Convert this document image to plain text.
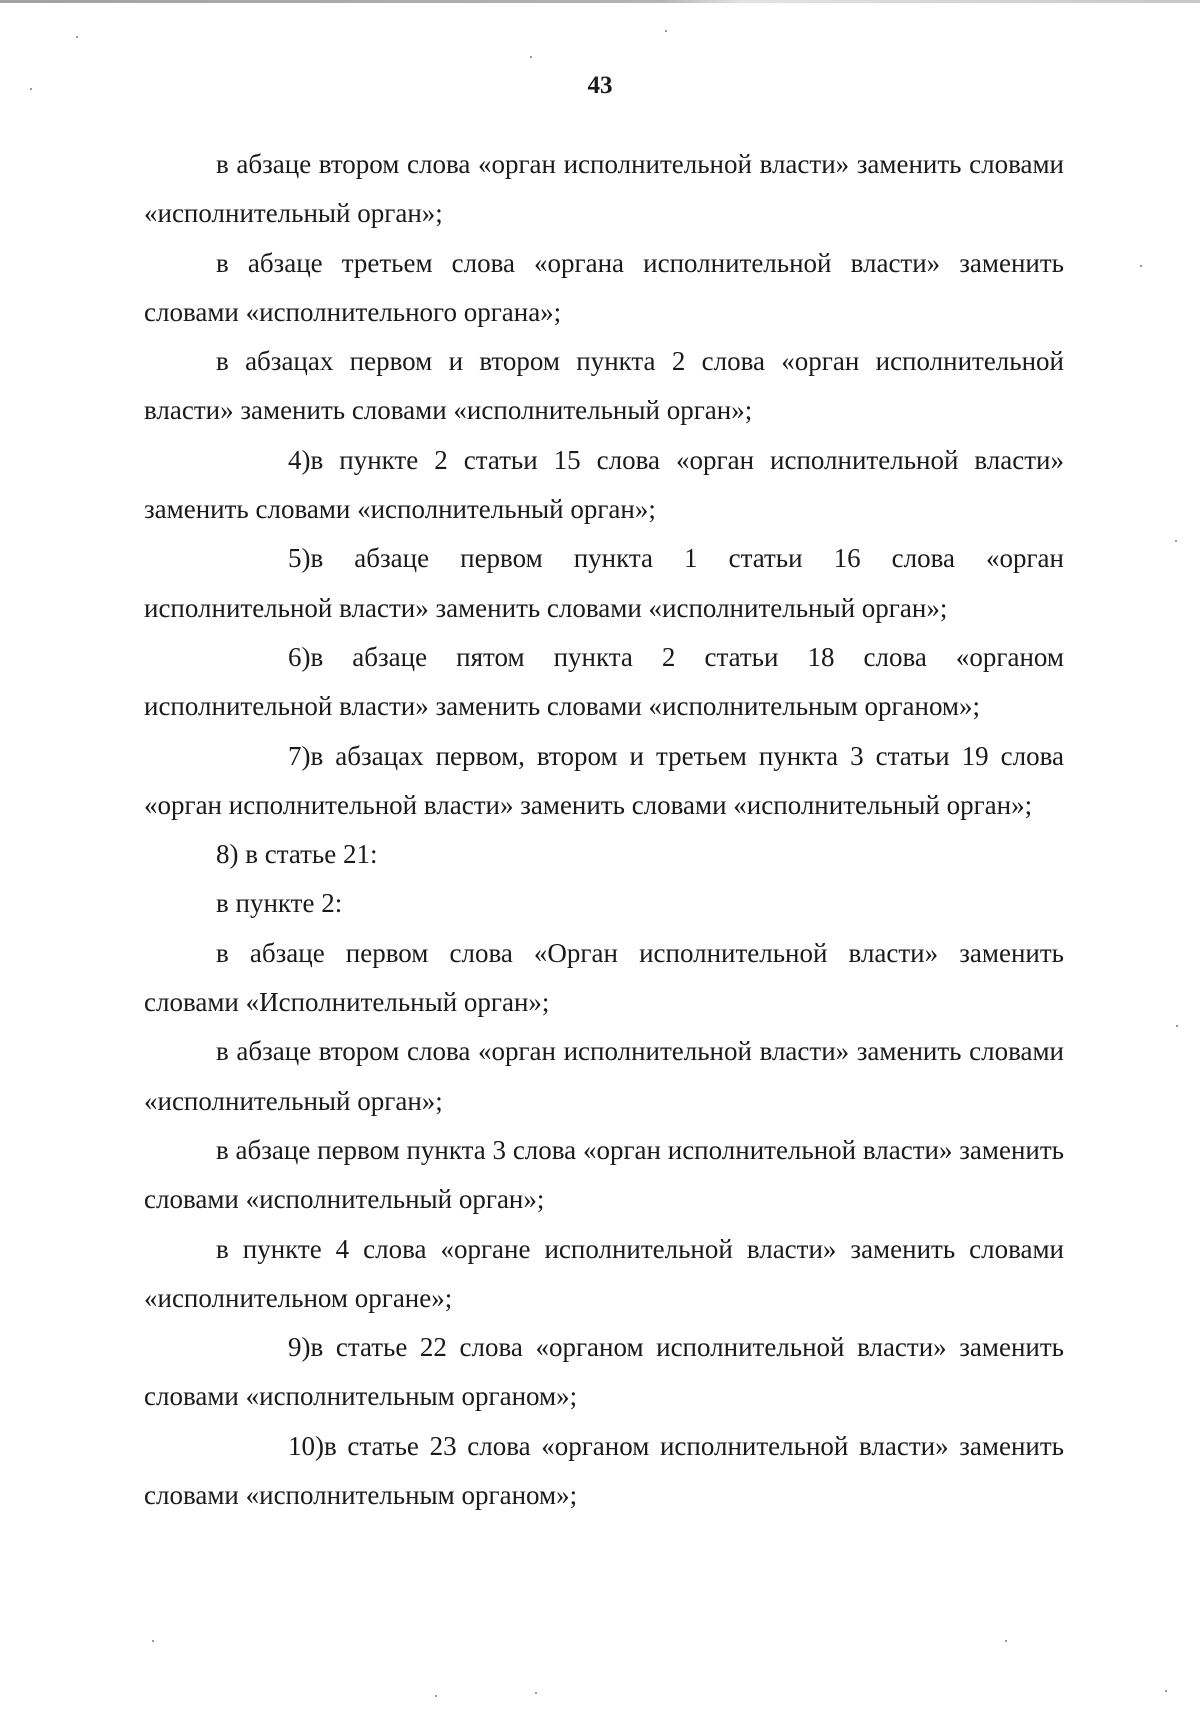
43

в абзаце втором слова «орган исполнительной власти» заменить словами «исполнительный орган»;

в абзаце третьем слова «органа исполнительной власти» заменить словами «исполнительного органа»;

в абзацах первом и втором пункта 2 слова «орган исполнительной власти» заменить словами «исполнительный орган»;

4)в пункте 2 статьи 15 слова «орган исполнительной власти» заменить словами «исполнительный орган»;

5)в абзаце первом пункта 1 статьи 16 слова «орган исполнительной власти» заменить словами «исполнительный орган»;

6)в абзаце пятом пункта 2 статьи 18 слова «органом исполнительной власти» заменить словами «исполнительным органом»;

7)в абзацах первом, втором и третьем пункта 3 статьи 19 слова «орган исполнительной власти» заменить словами «исполнительный орган»;

8) в статье 21:

в пункте 2:

в абзаце первом слова «Орган исполнительной власти» заменить словами «Исполнительный орган»;

в абзаце втором слова «орган исполнительной власти» заменить словами «исполнительный орган»;

в абзаце первом пункта 3 слова «орган исполнительной власти» заменить словами «исполнительный орган»;

в пункте 4 слова «органе исполнительной власти» заменить словами «исполнительном органе»;

9)в статье 22 слова «органом исполнительной власти» заменить словами «исполнительным органом»;

10)в статье 23 слова «органом исполнительной власти» заменить словами «исполнительным органом»;
